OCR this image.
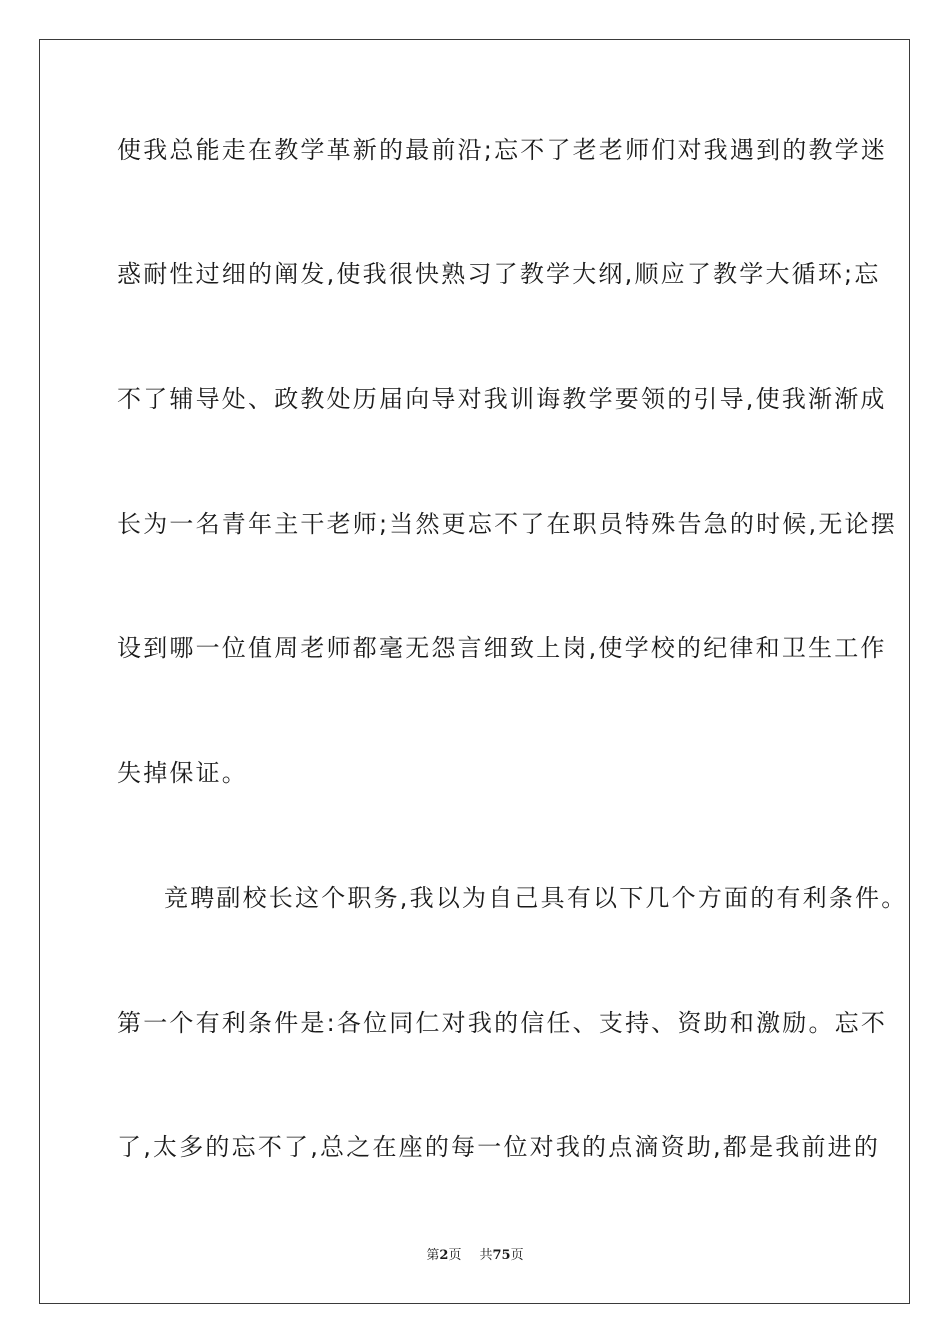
使我总能走在教学革新的最前沿;忘不了老老师们对我遇到的教学迷
惑耐性过细的阐发,使我很快熟习了教学大纲,顺应了教学大循环;忘
不了辅导处、政教处历届向导对我训诲教学要领的引导,使我渐渐成
长为一名青年主干老师;当然更忘不了在职员特殊告急的时候,无论摆
设到哪一位值周老师都毫无怨言细致上岗,使学校的纪律和卫生工作
失掉保证。
竞聘副校长这个职务,我以为自己具有以下几个方面的有利条件。
第一个有利条件是:各位同仁对我的信任、支持、资助和激励。忘不
了,太多的忘不了,总之在座的每一位对我的点滴资助,都是我前进的
第2页 共75页
